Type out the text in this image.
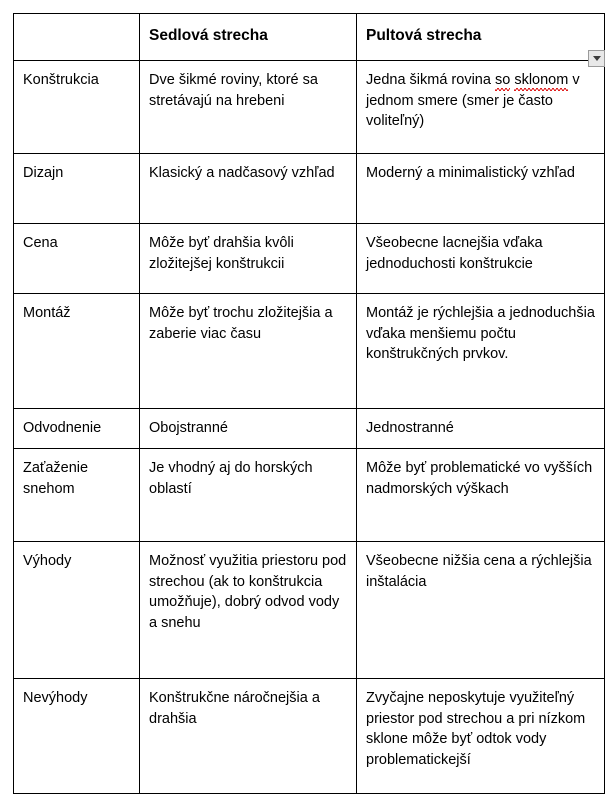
	Sedlová strecha	Pultová strecha
Konštrukcia	Dve šikmé roviny, ktoré sa stretávajú na hrebeni	Jedna šikmá rovina so sklonom v jednom smere (smer je často voliteľný)
Dizajn	Klasický a nadčasový vzhľad	Moderný a minimalistický vzhľad
Cena	Môže byť drahšia kvôli zložitejšej konštrukcii	Všeobecne lacnejšia vďaka jednoduchosti konštrukcie
Montáž	Môže byť trochu zložitejšia a zaberie viac času	Montáž je rýchlejšia a jednoduchšia vďaka menšiemu počtu konštrukčných prvkov.
Odvodnenie	Obojstranné	Jednostranné
Zaťaženie snehom	Je vhodný aj do horských oblastí	Môže byť problematické vo vyšších nadmorských výškach
Výhody	Možnosť využitia priestoru pod strechou (ak to konštrukcia umožňuje), dobrý odvod vody a snehu	Všeobecne nižšia cena a rýchlejšia inštalácia
Nevýhody	Konštrukčne náročnejšia a drahšia	Zvyčajne neposkytuje využiteľný priestor pod strechou a pri nízkom sklone môže byť odtok vody problematickejší
